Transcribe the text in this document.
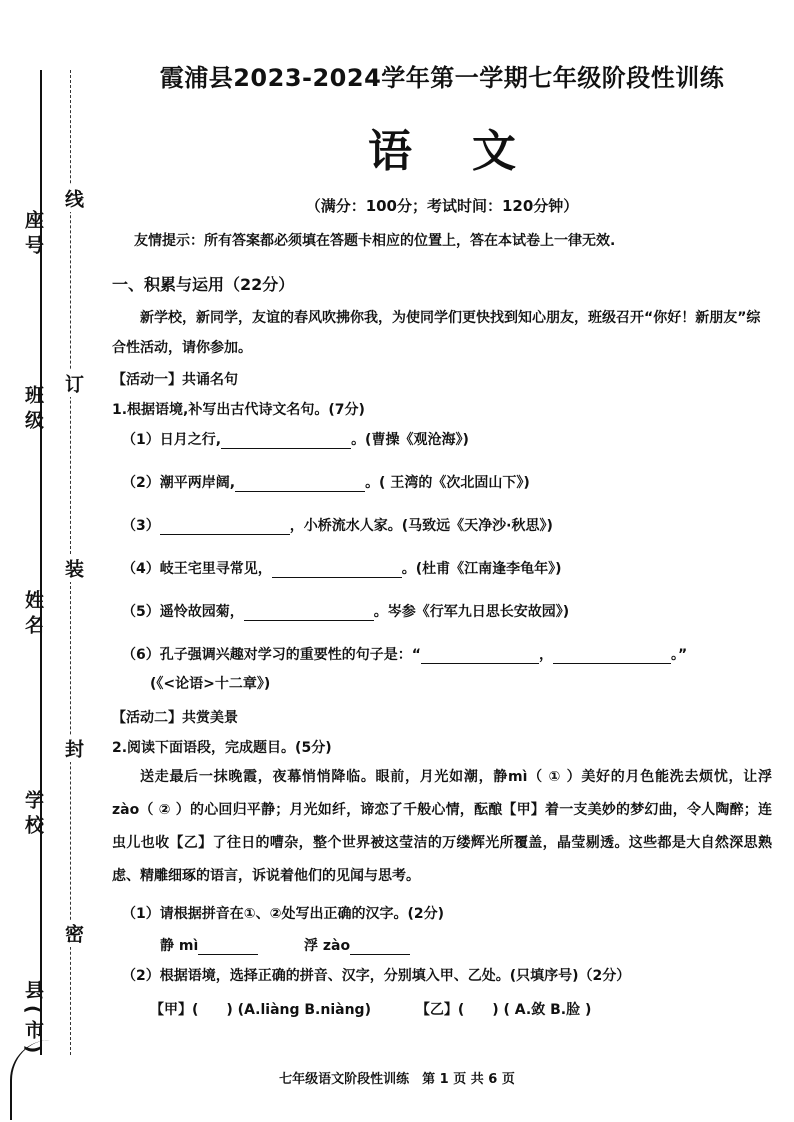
座号
班级
姓名
学校
县(市)
线
订
装
封
密
霞浦县2023-2024学年第一学期七年级阶段性训练
语文
（满分：100分；考试时间：120分钟）
友情提示：所有答案都必须填在答题卡相应的位置上，答在本试卷上一律无效.
一、积累与运用（22分）

新学校，新同学，友谊的春风吹拂你我，为使同学们更快找到知心朋友，班级召开“你好！新朋友”综合性活动，请你参加。

【活动一】共诵名句
1.根据语境,补写出古代诗文名句。(7分)
（1）日月之行,	。(曹操《观沧海》)
（2）潮平两岸阔,	。( 王湾的《次北固山下》)
（3）	，小桥流水人家。(马致远《天净沙·秋思》)
（4）岐王宅里寻常见，	。(杜甫《江南逢李龟年》)
（5）遥怜故园菊，	。岑参《行军九日思长安故园》)
（6）孔子强调兴趣对学习的重要性的句子是：“	，	。”
(《<论语>十二章》)
【活动二】共赏美景
2.阅读下面语段，完成题目。(5分)

送走最后一抹晚霞，夜幕悄悄降临。眼前，月光如潮，静mì（ ① ）美好的月色能洗去烦忧，让浮 zào（ ② ）的心回归平静；月光如纤，谛恋了千般心情，酝酿【甲】着一支美妙的梦幻曲，令人陶醉；连虫儿也收【乙】了往日的嘈杂，整个世界被这莹洁的万缕辉光所覆盖，晶莹剔透。这些都是大自然深思熟虑、精雕细琢的语言，诉说着他们的见闻与思考。

（1）请根据拼音在①、②处写出正确的汉字。(2分)
静 mì	浮 zào
（2）根据语境，选择正确的拼音、汉字，分别填入甲、乙处。(只填序号)（2分）
【甲】(　　) (A.liàng B.niàng)	【乙】(　　) ( A.敛 B.脸 )
七年级语文阶段性训练　第 1 页 共 6 页
